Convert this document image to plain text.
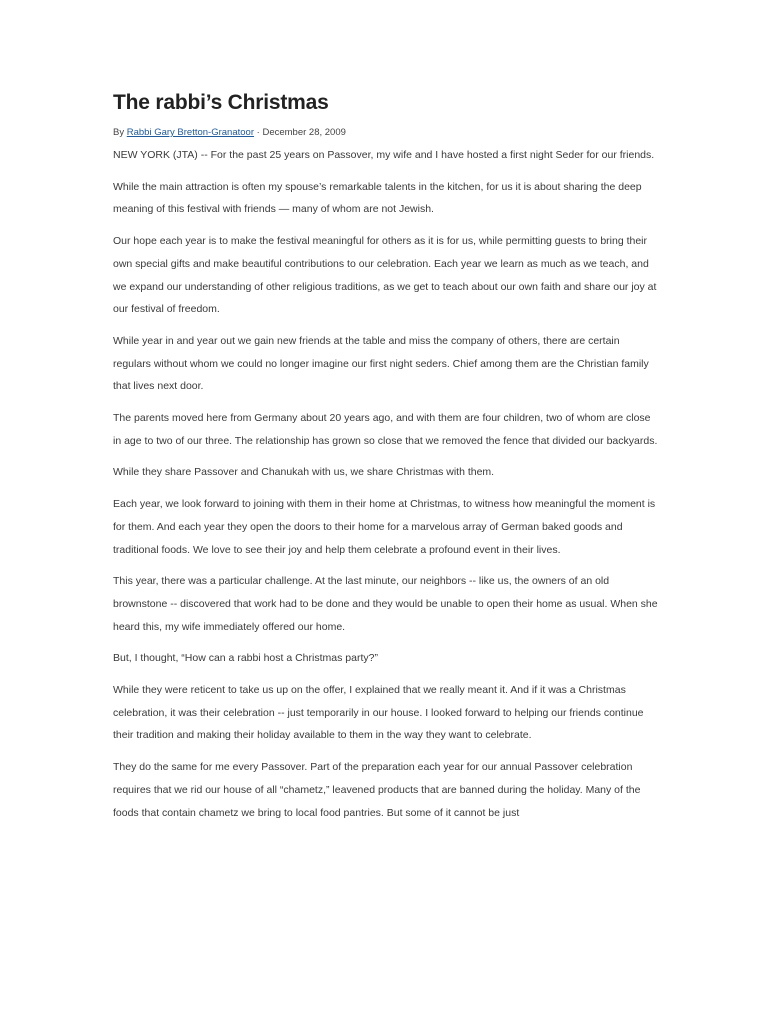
The rabbi’s Christmas
By Rabbi Gary Bretton-Granatoor · December 28, 2009

NEW YORK (JTA) -- For the past 25 years on Passover, my wife and I have hosted a first night Seder for our friends.

While the main attraction is often my spouse’s remarkable talents in the kitchen, for us it is about sharing the deep meaning of this festival with friends — many of whom are not Jewish.

Our hope each year is to make the festival meaningful for others as it is for us, while permitting guests to bring their own special gifts and make beautiful contributions to our celebration. Each year we learn as much as we teach, and we expand our understanding of other religious traditions, as we get to teach about our own faith and share our joy at our festival of freedom.

While year in and year out we gain new friends at the table and miss the company of others, there are certain regulars without whom we could no longer imagine our first night seders. Chief among them are the Christian family that lives next door.

The parents moved here from Germany about 20 years ago, and with them are four children, two of whom are close in age to two of our three. The relationship has grown so close that we removed the fence that divided our backyards.

While they share Passover and Chanukah with us, we share Christmas with them.

Each year, we look forward to joining with them in their home at Christmas, to witness how meaningful the moment is for them. And each year they open the doors to their home for a marvelous array of German baked goods and traditional foods. We love to see their joy and help them celebrate a profound event in their lives.

This year, there was a particular challenge. At the last minute, our neighbors -- like us, the owners of an old brownstone -- discovered that work had to be done and they would be unable to open their home as usual. When she heard this, my wife immediately offered our home.

But, I thought, “How can a rabbi host a Christmas party?”

While they were reticent to take us up on the offer, I explained that we really meant it. And if it was a Christmas celebration, it was their celebration -- just temporarily in our house. I looked forward to helping our friends continue their tradition and making their holiday available to them in the way they want to celebrate.

They do the same for me every Passover. Part of the preparation each year for our annual Passover celebration requires that we rid our house of all “chametz,” leavened products that are banned during the holiday. Many of the foods that contain chametz we bring to local food pantries. But some of it cannot be just
